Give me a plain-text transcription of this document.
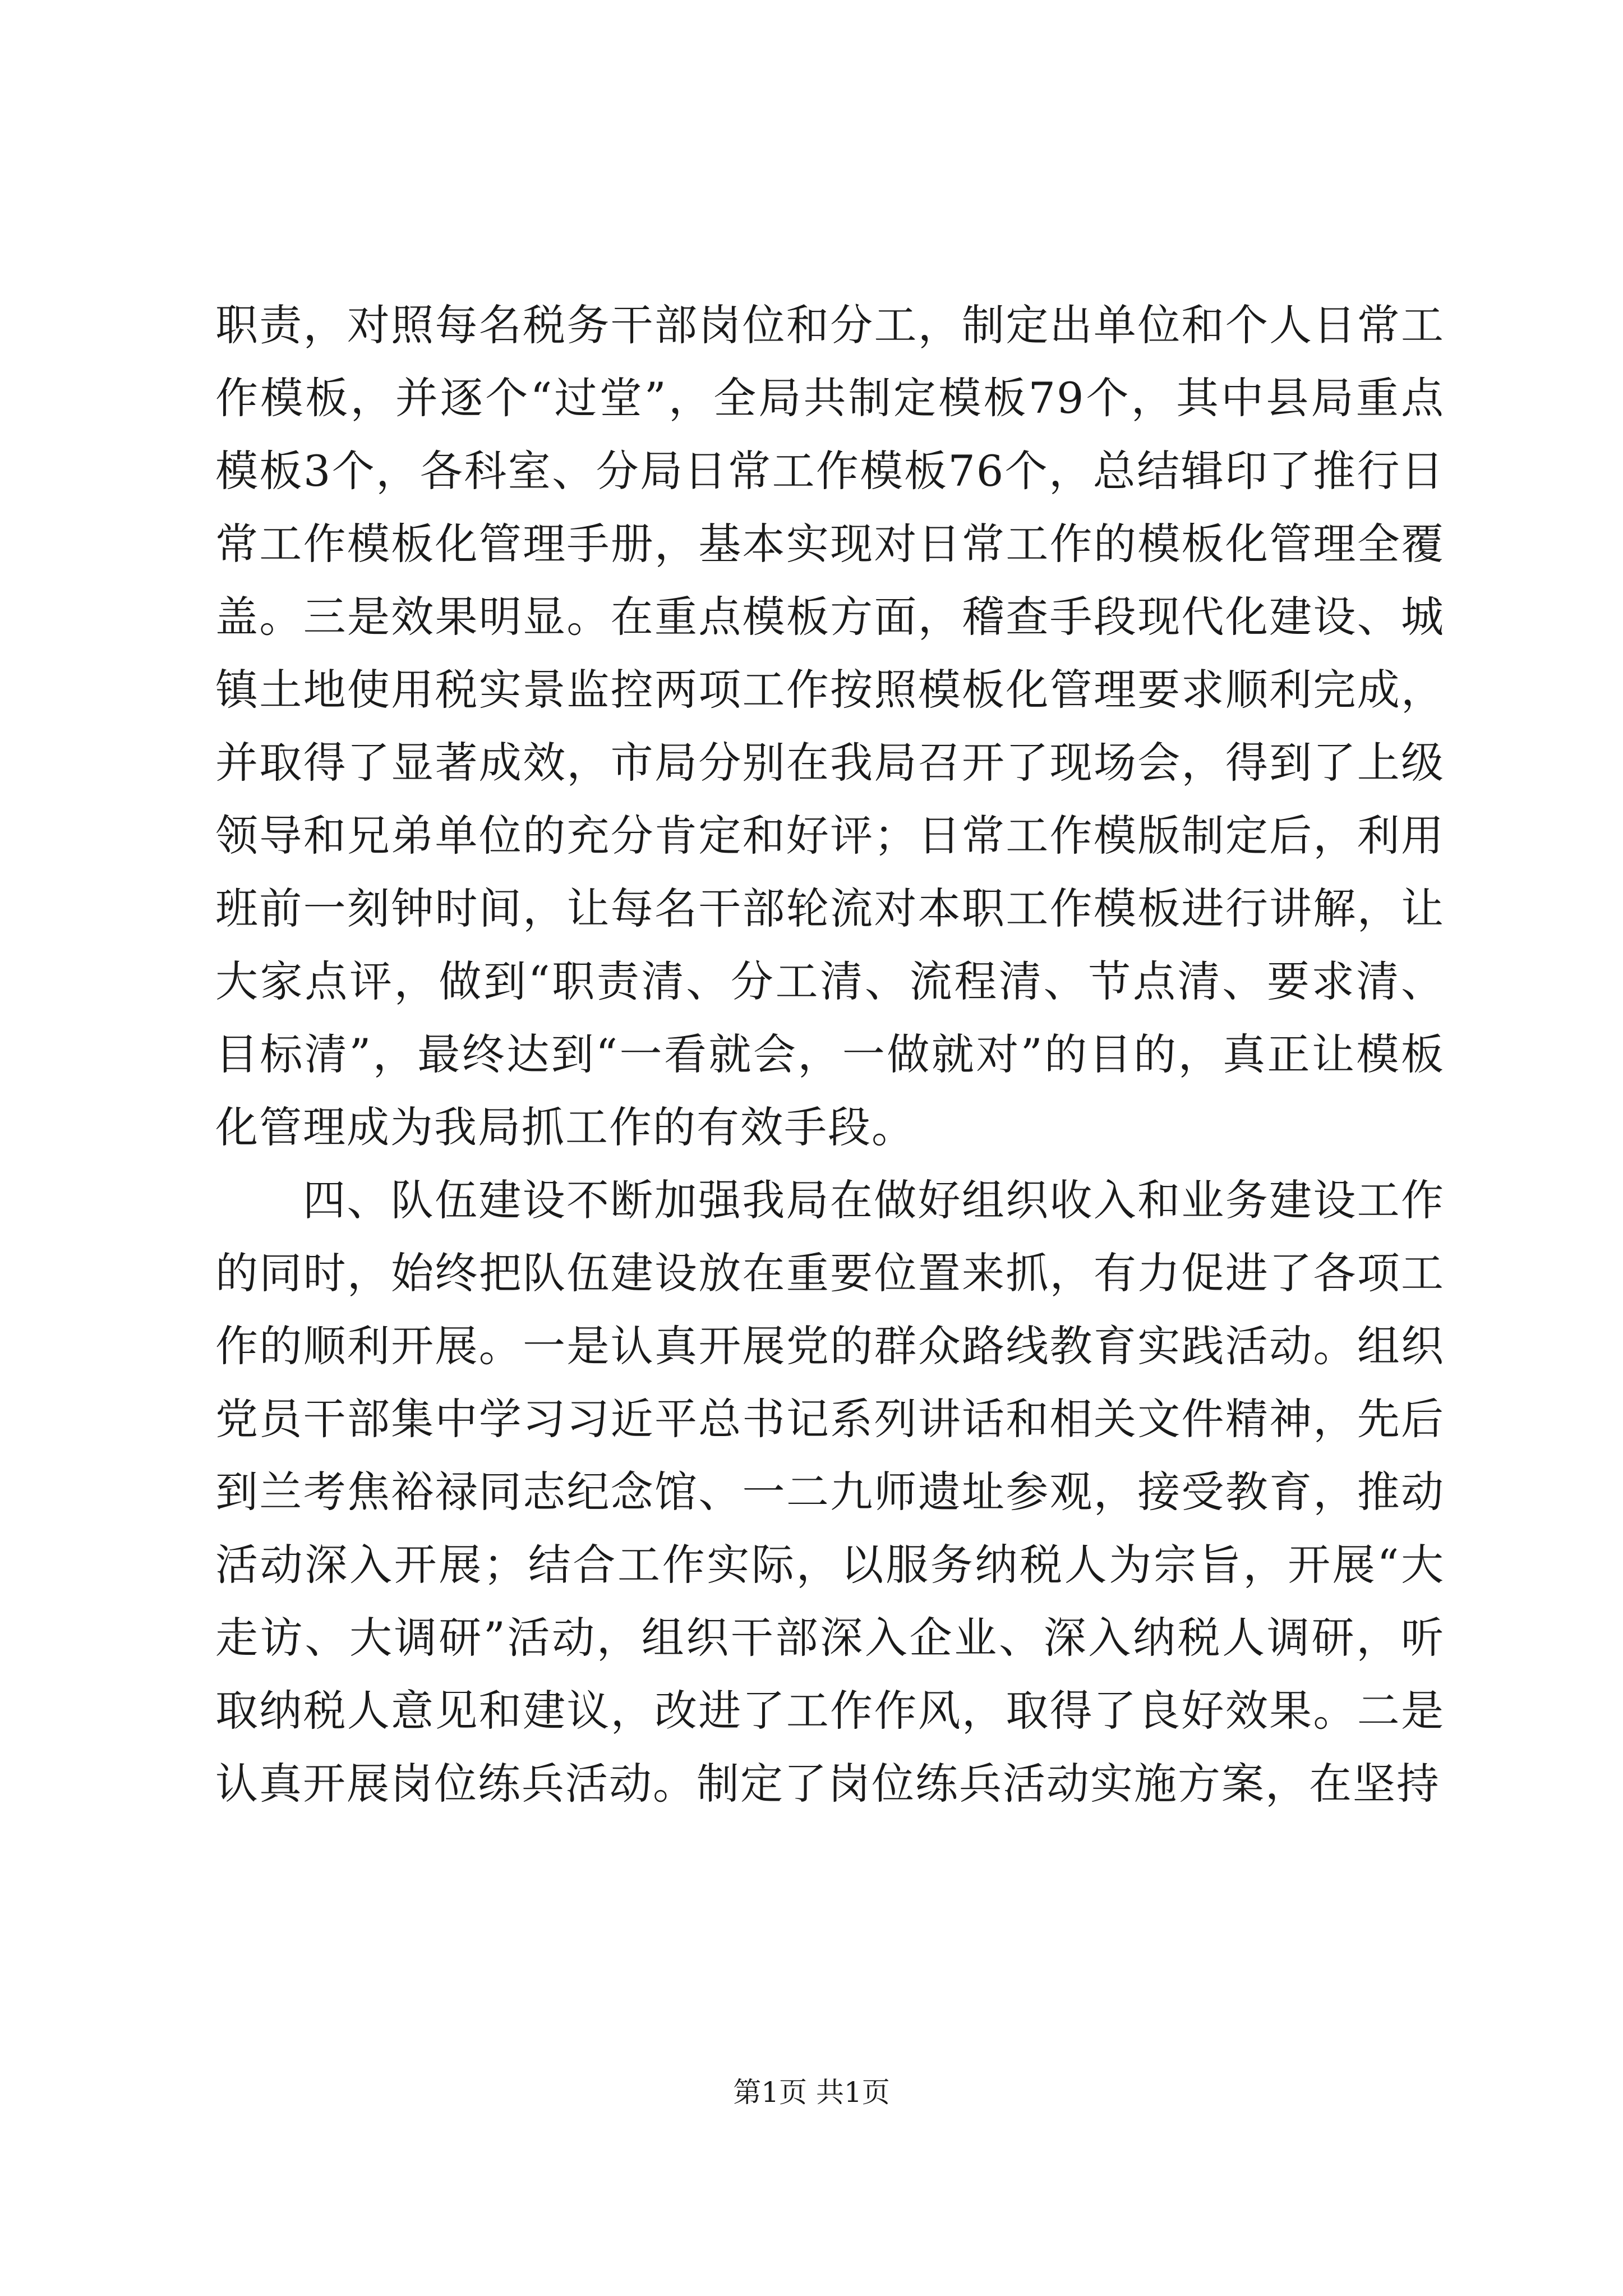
职责，对照每名税务干部岗位和分工，制定出单位和个人日常工作模板，并逐个“过堂”，全局共制定模板79个，其中县局重点模板3个，各科室、分局日常工作模板76个，总结辑印了推行日常工作模板化管理手册，基本实现对日常工作的模板化管理全覆盖。三是效果明显。在重点模板方面，稽查手段现代化建设、城镇土地使用税实景监控两项工作按照模板化管理要求顺利完成，并取得了显著成效，市局分别在我局召开了现场会，得到了上级领导和兄弟单位的充分肯定和好评；日常工作模版制定后，利用班前一刻钟时间，让每名干部轮流对本职工作模板进行讲解，让大家点评，做到“职责清、分工清、流程清、节点清、要求清、目标清”，最终达到“一看就会，一做就对”的目的，真正让模板化管理成为我局抓工作的有效手段。

四、队伍建设不断加强我局在做好组织收入和业务建设工作的同时，始终把队伍建设放在重要位置来抓，有力促进了各项工作的顺利开展。一是认真开展党的群众路线教育实践活动。组织党员干部集中学习习近平总书记系列讲话和相关文件精神，先后到兰考焦裕禄同志纪念馆、一二九师遗址参观，接受教育，推动活动深入开展；结合工作实际，以服务纳税人为宗旨，开展“大走访、大调研”活动，组织干部深入企业、深入纳税人调研，听取纳税人意见和建议，改进了工作作风，取得了良好效果。二是认真开展岗位练兵活动。制定了岗位练兵活动实施方案，在坚持

第1页 共1页
